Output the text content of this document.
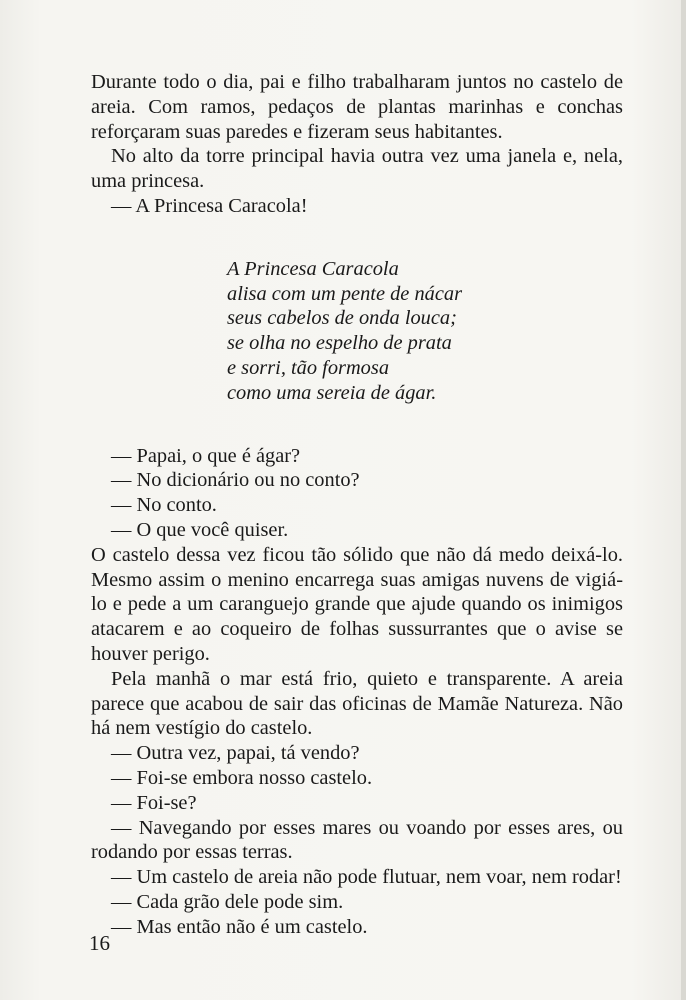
Durante todo o dia, pai e filho trabalharam juntos no castelo de areia. Com ramos, pedaços de plantas marinhas e conchas reforçaram suas paredes e fizeram seus habitantes.

No alto da torre principal havia outra vez uma janela e, nela, uma princesa.

— A Princesa Caracola!

A Princesa Caracola
alisa com um pente de nácar
seus cabelos de onda louca;
se olha no espelho de prata
e sorri, tão formosa
como uma sereia de ágar.

— Papai, o que é ágar?

— No dicionário ou no conto?

— No conto.

— O que você quiser.

O castelo dessa vez ficou tão sólido que não dá medo deixá-lo. Mesmo assim o menino encarrega suas amigas nuvens de vigiá-lo e pede a um caranguejo grande que ajude quando os inimigos atacarem e ao coqueiro de folhas sussurrantes que o avise se houver perigo.

Pela manhã o mar está frio, quieto e transparente. A areia parece que acabou de sair das oficinas de Mamãe Natureza. Não há nem vestígio do castelo.

— Outra vez, papai, tá vendo?

— Foi-se embora nosso castelo.

— Foi-se?

— Navegando por esses mares ou voando por esses ares, ou rodando por essas terras.

— Um castelo de areia não pode flutuar, nem voar, nem rodar!

— Cada grão dele pode sim.

— Mas então não é um castelo.

16
